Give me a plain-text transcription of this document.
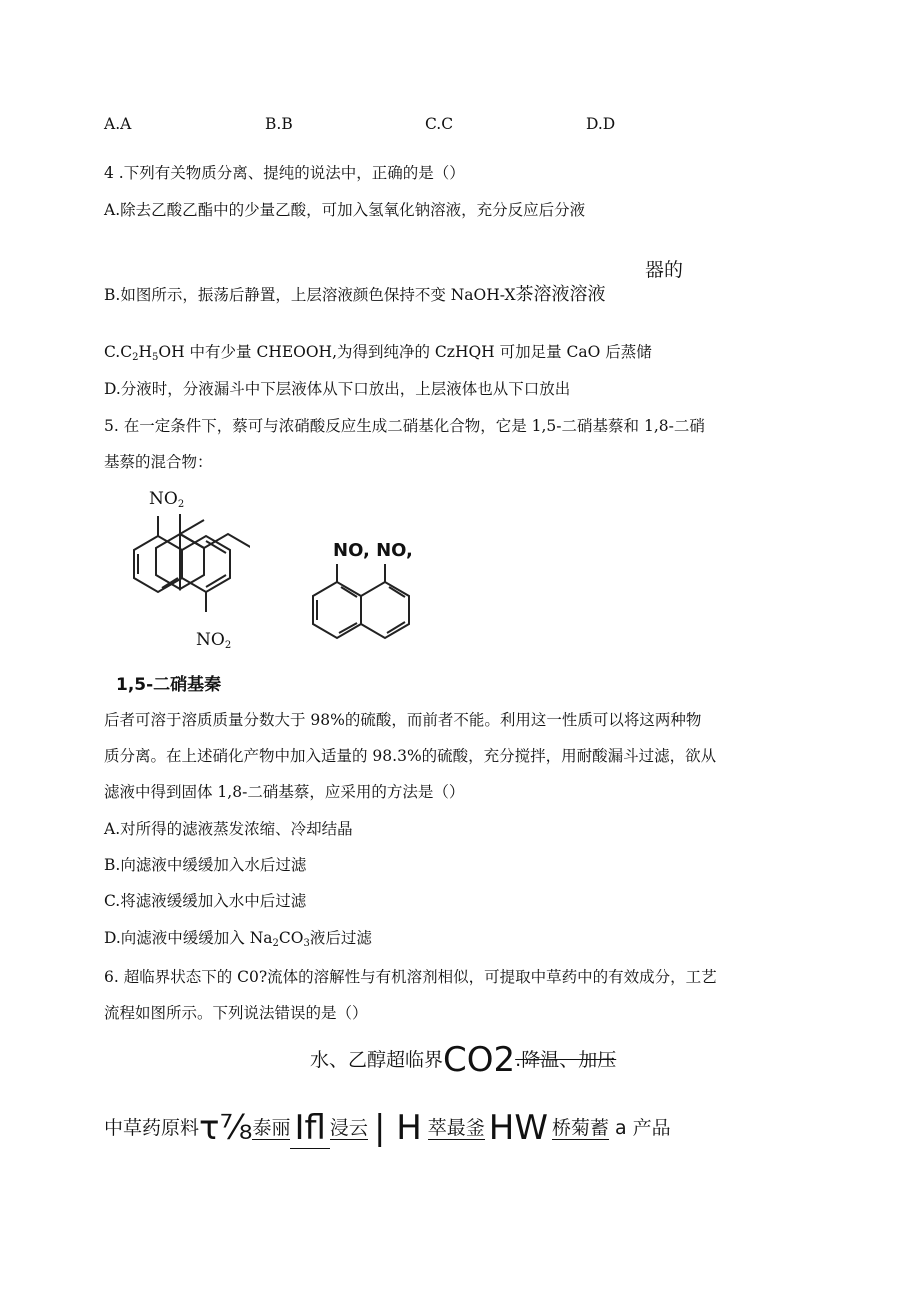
A.A	B.B	C.C	D.D
4 .下列有关物质分离、提纯的说法中，正确的是（）
A.除去乙酸乙酯中的少量乙酸，可加入氢氧化钠溶液，充分反应后分液
器的
B.如图所示，振荡后静置，上层溶液颜色保持不变 NaOH-X茶溶液溶液
$C.C_2H_5OH$ 中有少量 CHEOOH,为得到纯净的 CzHQH 可加足量 CaO 后蒸储
D.分液时，分液漏斗中下层液体从下口放出，上层液体也从下口放出
5. 在一定条件下，蔡可与浓硝酸反应生成二硝基化合物，它是 1,5-二硝基蔡和 1,8-二硝
基蔡的混合物：
$NO_2$
$NO_2$
NO, NO,
1,5-二硝基秦
后者可溶于溶质质量分数大于 98%的硫酸，而前者不能。利用这一性质可以将这两种物
质分离。在上述硝化产物中加入适量的 98.3%的硫酸，充分搅拌，用耐酸漏斗过滤，欲从
滤液中得到固体 1,8-二硝基蔡，应采用的方法是（）
A.对所得的滤液蒸发浓缩、冷却结晶
B.向滤液中缓缓加入水后过滤
C.将滤液缓缓加入水中后过滤
D.向滤液中缓缓加入 $Na_2CO_3$液后过滤
6. 超临界状态下的 C0?流体的溶解性与有机溶剂相似，可提取中草药中的有效成分，工艺
流程如图所示。下列说法错误的是（）
水、乙醇超临界CO2.降温、加压
中草药原料τ⅞泰丽 Ifl 浸云 | H 萃最釜 HW 桥菊蓄 a 产品
